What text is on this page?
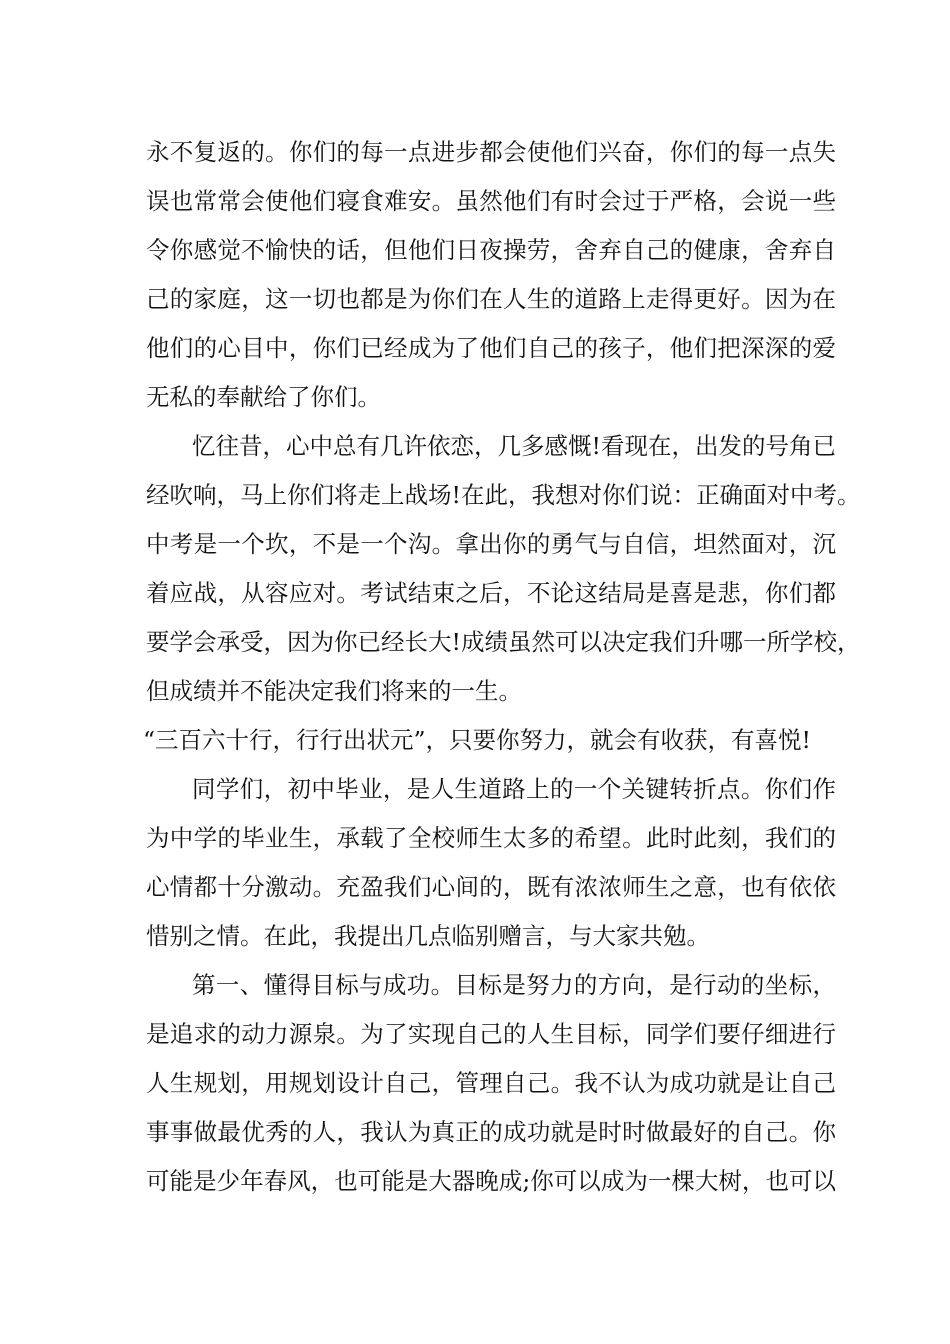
永不复返的。你们的每一点进步都会使他们兴奋，你们的每一点失
误也常常会使他们寝食难安。虽然他们有时会过于严格，会说一些
令你感觉不愉快的话，但他们日夜操劳，舍弃自己的健康，舍弃自
己的家庭，这一切也都是为你们在人生的道路上走得更好。因为在
他们的心目中，你们已经成为了他们自己的孩子，他们把深深的爱
无私的奉献给了你们。
忆往昔，心中总有几许依恋，几多感慨!看现在，出发的号角已
经吹响，马上你们将走上战场!在此，我想对你们说：正确面对中考。
中考是一个坎，不是一个沟。拿出你的勇气与自信，坦然面对，沉
着应战，从容应对。考试结束之后，不论这结局是喜是悲，你们都
要学会承受，因为你已经长大!成绩虽然可以决定我们升哪一所学校，
但成绩并不能决定我们将来的一生。
“三百六十行，行行出状元”，只要你努力，就会有收获，有喜悦!
同学们，初中毕业，是人生道路上的一个关键转折点。你们作
为中学的毕业生，承载了全校师生太多的希望。此时此刻，我们的
心情都十分激动。充盈我们心间的，既有浓浓师生之意，也有依依
惜别之情。在此，我提出几点临别赠言，与大家共勉。
第一、懂得目标与成功。目标是努力的方向，是行动的坐标，
是追求的动力源泉。为了实现自己的人生目标，同学们要仔细进行
人生规划，用规划设计自己，管理自己。我不认为成功就是让自己
事事做最优秀的人，我认为真正的成功就是时时做最好的自己。你
可能是少年春风，也可能是大器晚成;你可以成为一棵大树，也可以
